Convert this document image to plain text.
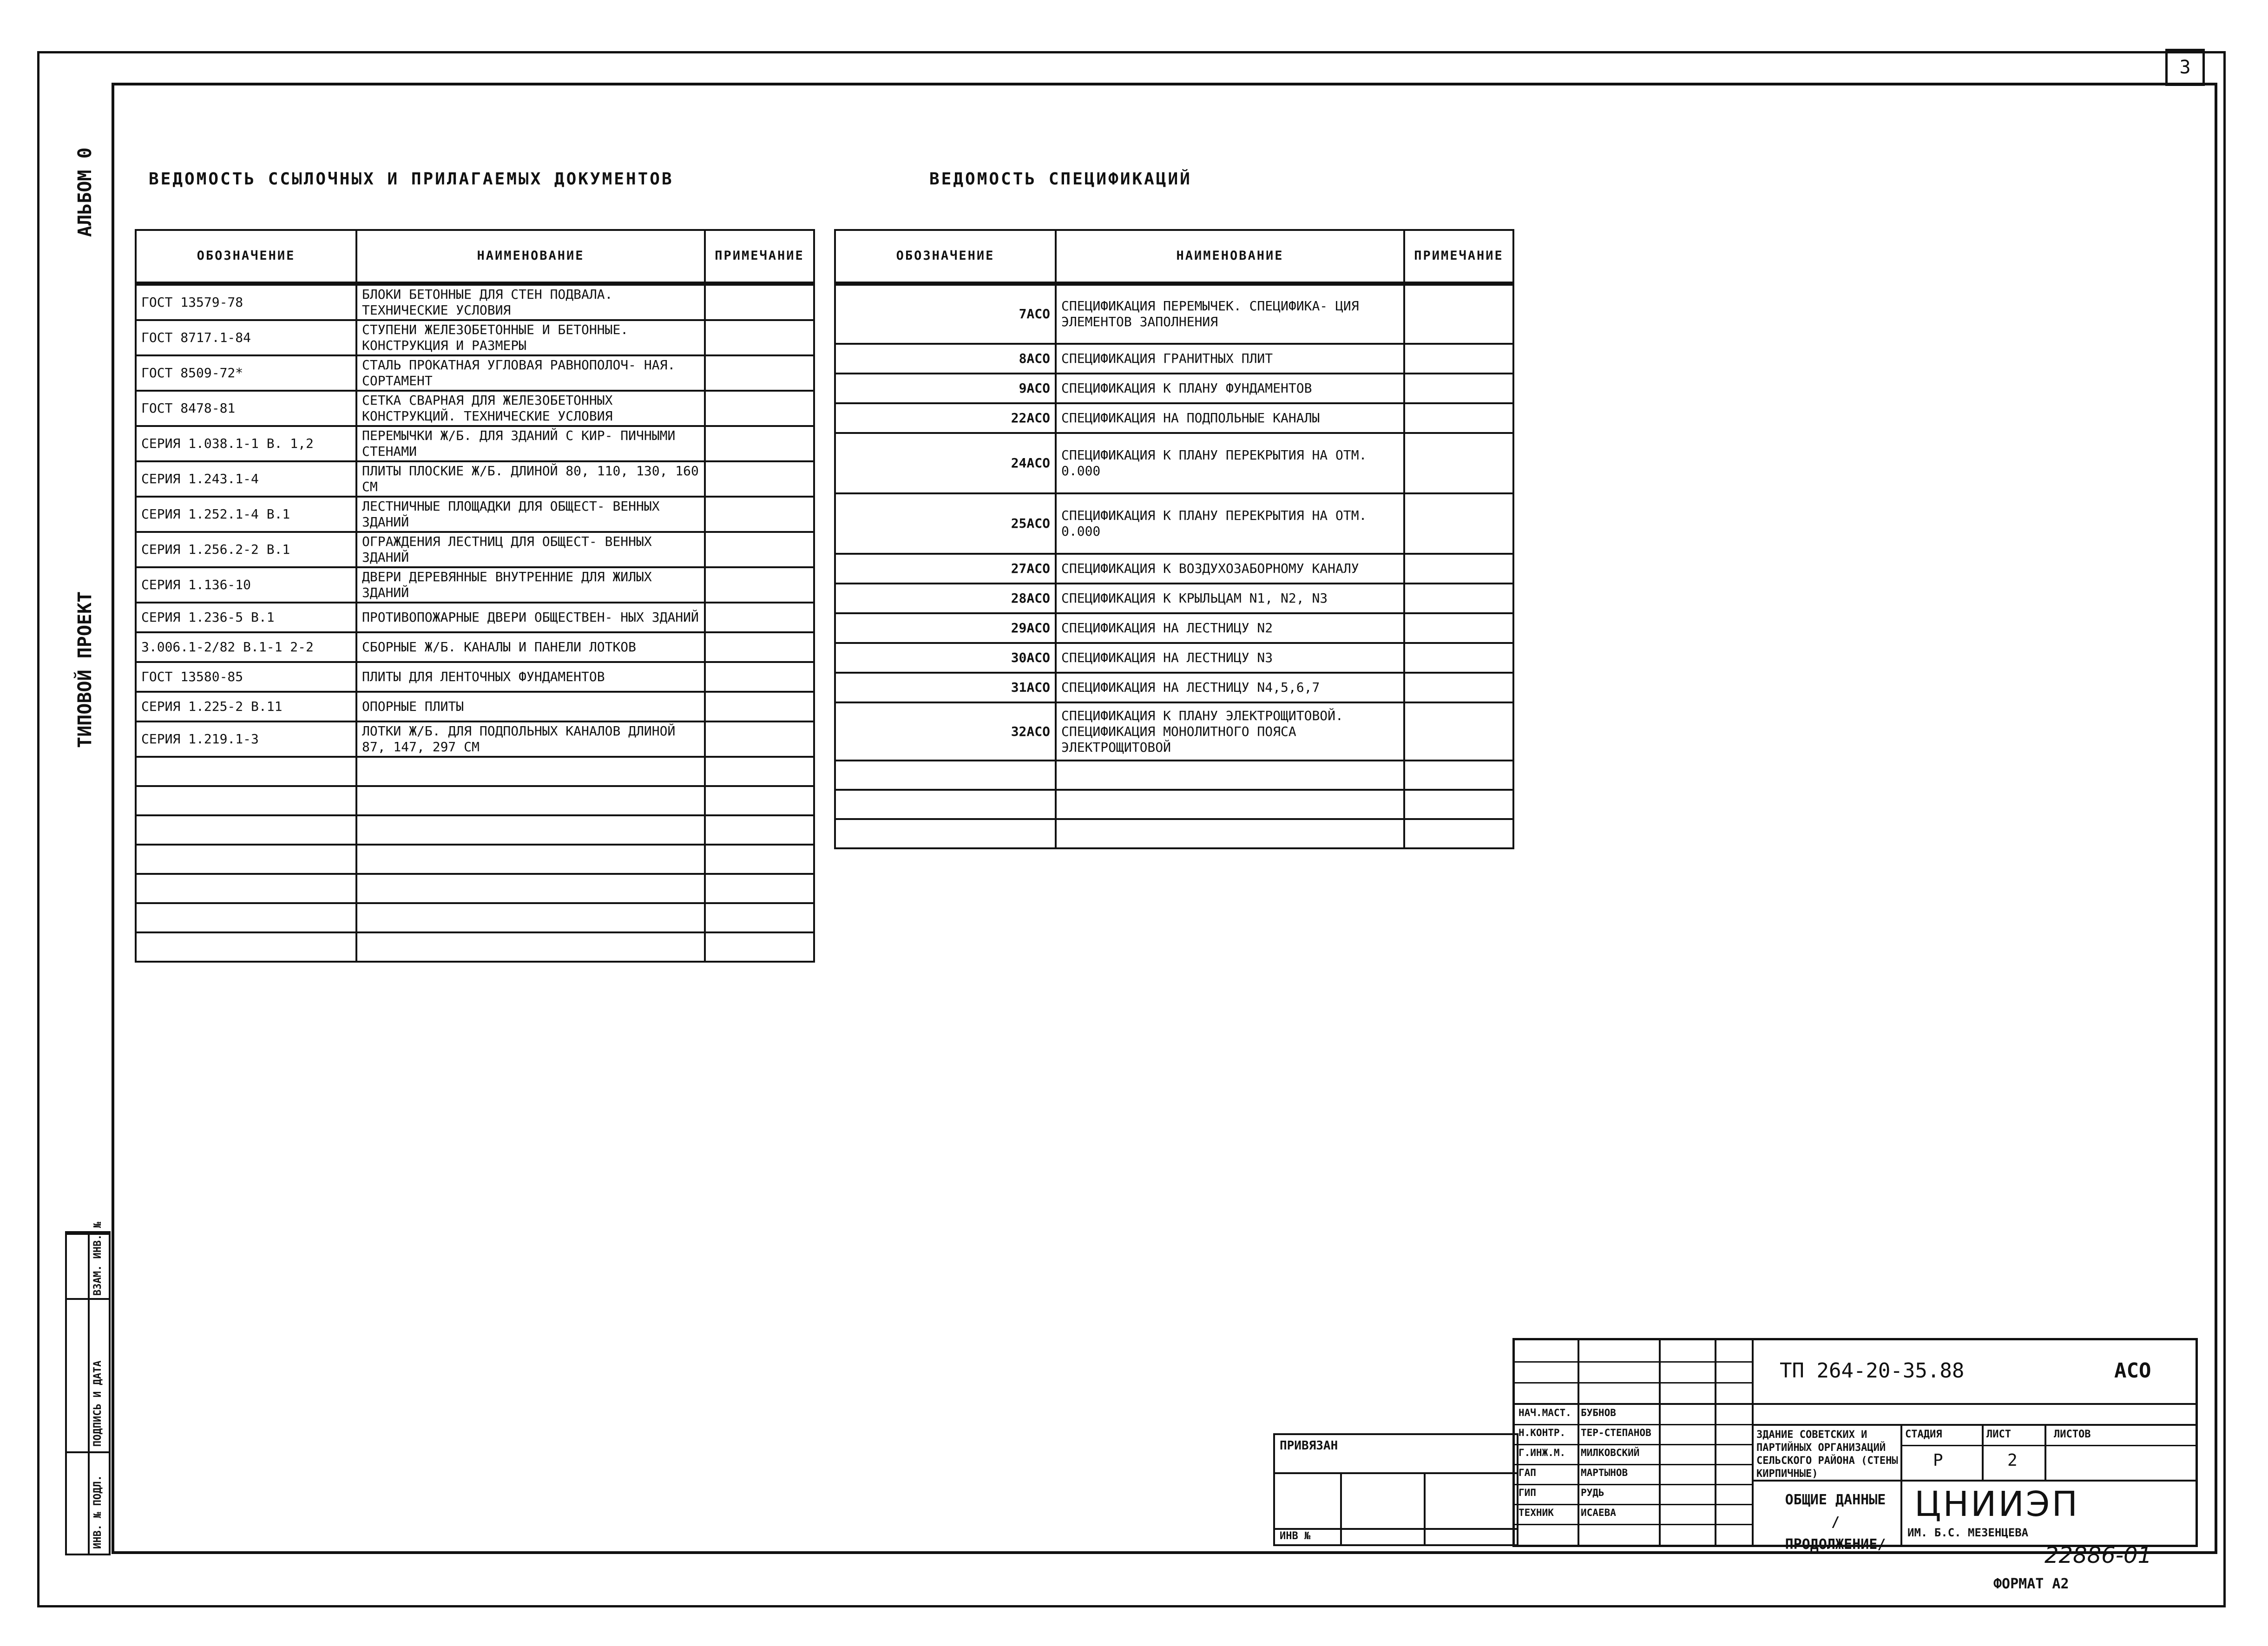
3
АЛЬБОМ 0
ТИПОВОЙ ПРОЕКТ
ИНВ. № ПОДЛ.
ПОДПИСЬ И ДАТА
ВЗАМ. ИНВ. №
ВЕДОМОСТЬ ССЫЛОЧНЫХ И ПРИЛАГАЕМЫХ ДОКУМЕНТОВ	ВЕДОМОСТЬ СПЕЦИФИКАЦИЙ
ОБОЗНАЧЕНИЕ	НАИМЕНОВАНИЕ	ПРИМЕЧАНИЕ
ГОСТ 13579-78	БЛОКИ БЕТОННЫЕ ДЛЯ СТЕН ПОДВАЛА. ТЕХНИЧЕСКИЕ УСЛОВИЯ	
ГОСТ 8717.1-84	СТУПЕНИ ЖЕЛЕЗОБЕТОННЫЕ И БЕТОННЫЕ. КОНСТРУКЦИЯ И РАЗМЕРЫ	
ГОСТ 8509-72*	СТАЛЬ ПРОКАТНАЯ УГЛОВАЯ РАВНОПОЛОЧ- НАЯ. СОРТАМЕНТ	
ГОСТ 8478-81	СЕТКА СВАРНАЯ ДЛЯ ЖЕЛЕЗОБЕТОННЫХ КОНСТРУКЦИЙ. ТЕХНИЧЕСКИЕ УСЛОВИЯ	
СЕРИЯ 1.038.1-1 В. 1,2	ПЕРЕМЫЧКИ Ж/Б. ДЛЯ ЗДАНИЙ С КИР- ПИЧНЫМИ СТЕНАМИ	
СЕРИЯ 1.243.1-4	ПЛИТЫ ПЛОСКИЕ Ж/Б. ДЛИНОЙ 80, 110, 130, 160 СМ	
СЕРИЯ 1.252.1-4 В.1	ЛЕСТНИЧНЫЕ ПЛОЩАДКИ ДЛЯ ОБЩЕСТ- ВЕННЫХ ЗДАНИЙ	
СЕРИЯ 1.256.2-2 В.1	ОГРАЖДЕНИЯ ЛЕСТНИЦ ДЛЯ ОБЩЕСТ- ВЕННЫХ ЗДАНИЙ	
СЕРИЯ 1.136-10	ДВЕРИ ДЕРЕВЯННЫЕ ВНУТРЕННИЕ ДЛЯ ЖИЛЫХ ЗДАНИЙ	
СЕРИЯ 1.236-5 В.1	ПРОТИВОПОЖАРНЫЕ ДВЕРИ ОБЩЕСТВЕН- НЫХ ЗДАНИЙ	
3.006.1-2/82 В.1-1 2-2	СБОРНЫЕ Ж/Б. КАНАЛЫ И ПАНЕЛИ ЛОТКОВ	
ГОСТ 13580-85	ПЛИТЫ ДЛЯ ЛЕНТОЧНЫХ ФУНДАМЕНТОВ	
СЕРИЯ 1.225-2 В.11	ОПОРНЫЕ ПЛИТЫ	
СЕРИЯ 1.219.1-3	ЛОТКИ Ж/Б. ДЛЯ ПОДПОЛЬНЫХ КАНАЛОВ ДЛИНОЙ 87, 147, 297 СМ	

ОБОЗНАЧЕНИЕ	НАИМЕНОВАНИЕ	ПРИМЕЧАНИЕ
7АСО	СПЕЦИФИКАЦИЯ ПЕРЕМЫЧЕК. СПЕЦИФИКА- ЦИЯ ЭЛЕМЕНТОВ ЗАПОЛНЕНИЯ	
8АСО	СПЕЦИФИКАЦИЯ ГРАНИТНЫХ ПЛИТ	
9АСО	СПЕЦИФИКАЦИЯ К ПЛАНУ ФУНДАМЕНТОВ	
22АСО	СПЕЦИФИКАЦИЯ НА ПОДПОЛЬНЫЕ КАНАЛЫ	
24АСО	СПЕЦИФИКАЦИЯ К ПЛАНУ ПЕРЕКРЫТИЯ НА ОТМ. 0.000	
25АСО	СПЕЦИФИКАЦИЯ К ПЛАНУ ПЕРЕКРЫТИЯ НА ОТМ. 0.000	
27АСО	СПЕЦИФИКАЦИЯ К ВОЗДУХОЗАБОРНОМУ КАНАЛУ	
28АСО	СПЕЦИФИКАЦИЯ К КРЫЛЬЦАМ N1, N2, N3	
29АСО	СПЕЦИФИКАЦИЯ НА ЛЕСТНИЦУ N2	
30АСО	СПЕЦИФИКАЦИЯ НА ЛЕСТНИЦУ N3	
31АСО	СПЕЦИФИКАЦИЯ НА ЛЕСТНИЦУ N4,5,6,7	
32АСО	СПЕЦИФИКАЦИЯ К ПЛАНУ ЭЛЕКТРОЩИТОВОЙ. СПЕЦИФИКАЦИЯ МОНОЛИТНОГО ПОЯСА ЭЛЕКТРОЩИТОВОЙ	

ПРИВЯЗАН
ИНВ №
ТП 264-20-35.88	АСО
НАЧ.МАСТ. БУБНОВ
Н.КОНТР. ТЕР-СТЕПАНОВ
Г.ИНЖ.М. МИЛКОВСКИЙ
ГАП	МАРТЫНОВ
ГИП	РУДЬ
ТЕХНИК	ИСАЕВА
ЗДАНИЕ СОВЕТСКИХ И ПАРТИЙНЫХ ОРГАНИЗАЦИЙ СЕЛЬСКОГО РАЙОНА (СТЕНЫ КИРПИЧНЫЕ)
ОБЩИЕ ДАННЫЕ /ПРОДОЛЖЕНИЕ/
СТАДИЯ	ЛИСТ	ЛИСТОВ
Р	2
ЦНИИЭП
ИМ. Б.С. МЕЗЕНЦЕВА
22886-01
ФОРМАТ А2
